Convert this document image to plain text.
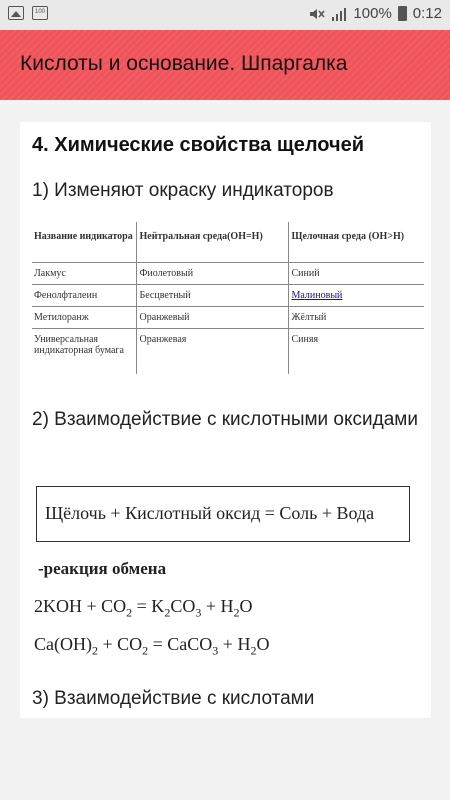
100	100% 0:12
Кислоты и основание. Шпаргалка
4. Химические свойства щелочей
1) Изменяют окраску индикаторов
Название индикатора	Нейтральная среда(OH=H)	Щелочная среда (OH>H)
Лакмус	Фиолетовый	Синий
Фенолфталеин	Бесцветный	Малиновый
Метилоранж	Оранжевый	Жёлтый
Универсальная индикаторная бумага	Оранжевая	Синяя
2) Взаимодействие с кислотными оксидами
Щёлочь + Кислотный оксид = Соль + Вода
-реакция обмена
$2KOH + CO_2 = K_2CO_3 + H_2O$
$Ca(OH)_2 + CO_2$ = CaCO$_3$ + $H_2O$
3) Взаимодействие с кислотами
